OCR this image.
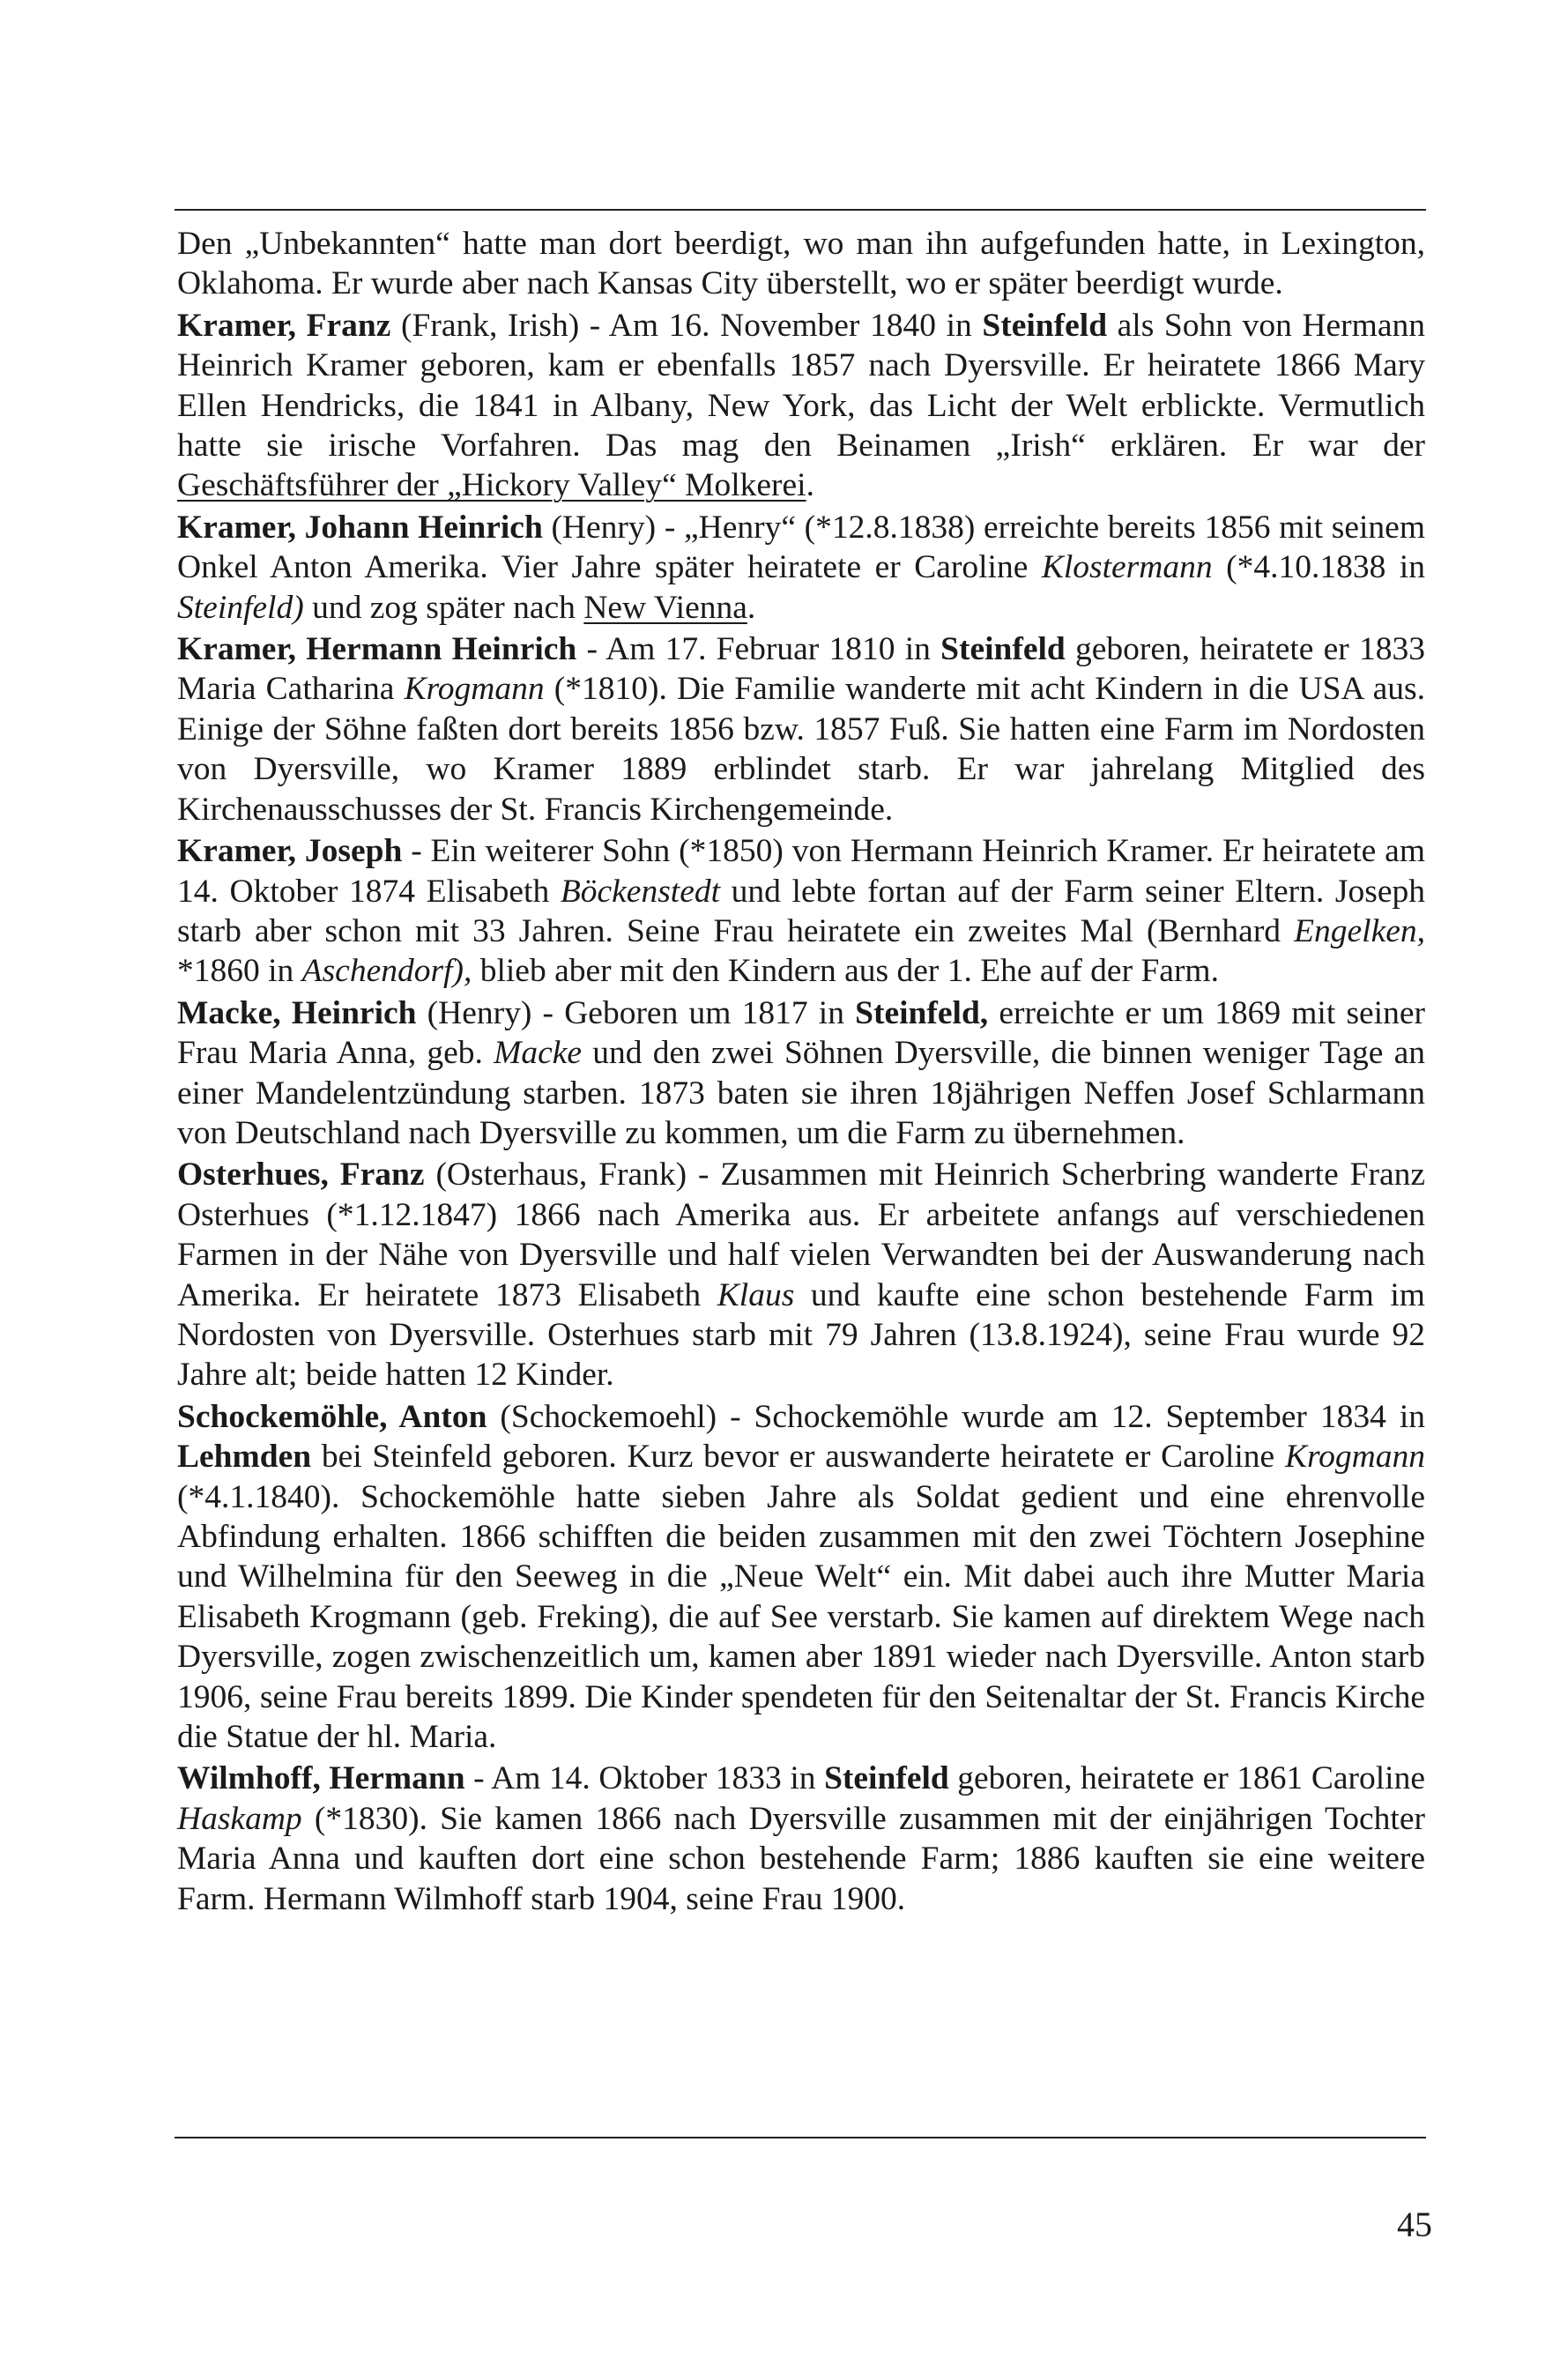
Den „Unbekannten“ hatte man dort beerdigt, wo man ihn aufgefunden hatte, in Lexington, Oklahoma. Er wurde aber nach Kansas City überstellt, wo er später beerdigt wurde.
Kramer, Franz (Frank, Irish) - Am 16. November 1840 in Steinfeld als Sohn von Hermann Heinrich Kramer geboren, kam er ebenfalls 1857 nach Dyersville. Er heiratete 1866 Mary Ellen Hendricks, die 1841 in Albany, New York, das Licht der Welt erblickte. Vermutlich hatte sie irische Vorfahren. Das mag den Beinamen „Irish“ erklären. Er war der Geschäftsführer der „Hickory Valley“ Molkerei.
Kramer, Johann Heinrich (Henry) - „Henry“ (*12.8.1838) erreichte bereits 1856 mit seinem Onkel Anton Amerika. Vier Jahre später heiratete er Caroline Klostermann (*4.10.1838 in Steinfeld) und zog später nach New Vienna.
Kramer, Hermann Heinrich - Am 17. Februar 1810 in Steinfeld geboren, heiratete er 1833 Maria Catharina Krogmann (*1810). Die Familie wanderte mit acht Kindern in die USA aus. Einige der Söhne faßten dort bereits 1856 bzw. 1857 Fuß. Sie hatten eine Farm im Nordosten von Dyersville, wo Kramer 1889 erblindet starb. Er war jahrelang Mitglied des Kirchenausschusses der St. Francis Kirchengemeinde.
Kramer, Joseph - Ein weiterer Sohn (*1850) von Hermann Heinrich Kramer. Er heiratete am 14. Oktober 1874 Elisabeth Böckenstedt und lebte fortan auf der Farm seiner Eltern. Joseph starb aber schon mit 33 Jahren. Seine Frau heiratete ein zweites Mal (Bernhard Engelken, *1860 in Aschendorf), blieb aber mit den Kindern aus der 1. Ehe auf der Farm.
Macke, Heinrich (Henry) - Geboren um 1817 in Steinfeld, erreichte er um 1869 mit seiner Frau Maria Anna, geb. Macke und den zwei Söhnen Dyersville, die binnen weniger Tage an einer Mandelentzündung starben. 1873 baten sie ihren 18jährigen Neffen Josef Schlarmann von Deutschland nach Dyersville zu kommen, um die Farm zu übernehmen.
Osterhues, Franz (Osterhaus, Frank) - Zusammen mit Heinrich Scherbring wanderte Franz Osterhues (*1.12.1847) 1866 nach Amerika aus. Er arbeitete anfangs auf verschiedenen Farmen in der Nähe von Dyersville und half vielen Verwandten bei der Auswanderung nach Amerika. Er heiratete 1873 Elisabeth Klaus und kaufte eine schon bestehende Farm im Nordosten von Dyersville. Osterhues starb mit 79 Jahren (13.8.1924), seine Frau wurde 92 Jahre alt; beide hatten 12 Kinder.
Schockemöhle, Anton (Schockemoehl) - Schockemöhle wurde am 12. September 1834 in Lehmden bei Steinfeld geboren. Kurz bevor er auswanderte heiratete er Caroline Krogmann (*4.1.1840). Schockemöhle hatte sieben Jahre als Soldat gedient und eine ehrenvolle Abfindung erhalten. 1866 schifften die beiden zusammen mit den zwei Töchtern Josephine und Wilhelmina für den Seeweg in die „Neue Welt“ ein. Mit dabei auch ihre Mutter Maria Elisabeth Krogmann (geb. Freking), die auf See verstarb. Sie kamen auf direktem Wege nach Dyersville, zogen zwischenzeitlich um, kamen aber 1891 wieder nach Dyersville. Anton starb 1906, seine Frau bereits 1899. Die Kinder spendeten für den Seitenaltar der St. Francis Kirche die Statue der hl. Maria.
Wilmhoff, Hermann - Am 14. Oktober 1833 in Steinfeld geboren, heiratete er 1861 Caroline Haskamp (*1830). Sie kamen 1866 nach Dyersville zusammen mit der einjährigen Tochter Maria Anna und kauften dort eine schon bestehende Farm; 1886 kauften sie eine weitere Farm. Hermann Wilmhoff starb 1904, seine Frau 1900.
45
